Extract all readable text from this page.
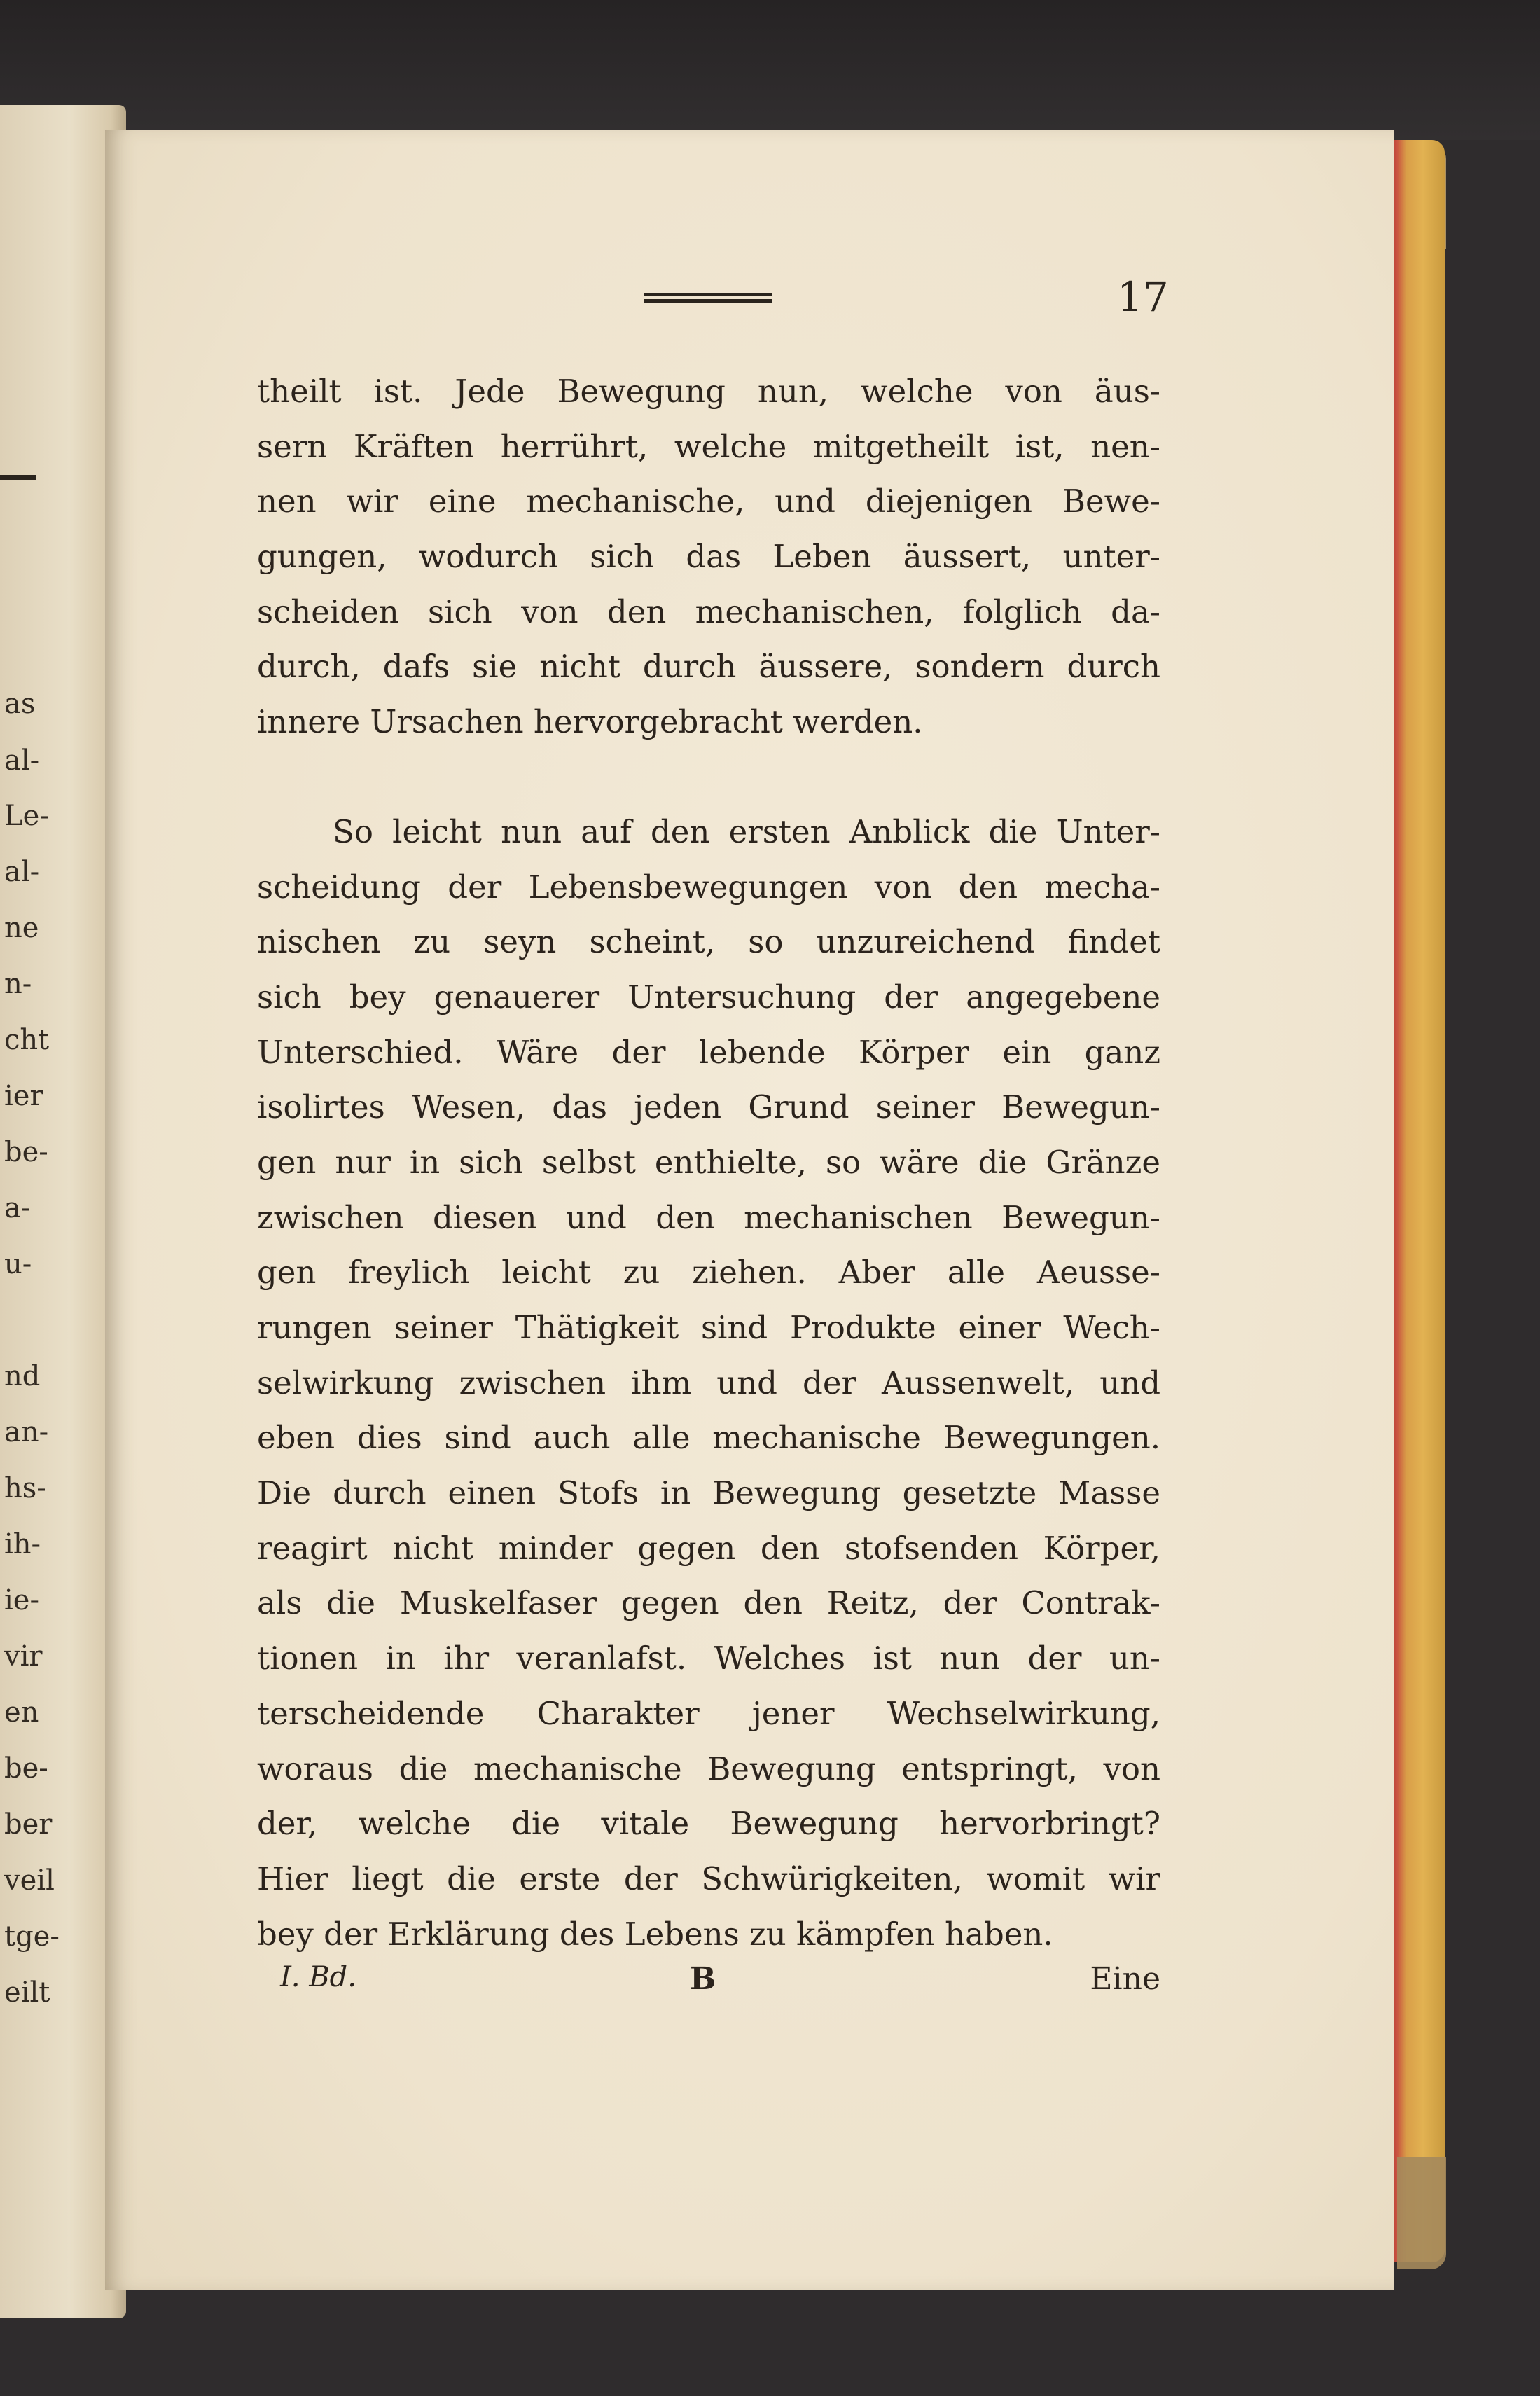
as

al-

Le-

al-

ne

n-

cht

ier

be-

a-

u-

nd

an-

hs-

ih-

ie-

vir

en

be-

ber

veil

tge-

eilt

17

theilt ist. Jede Bewegung nun, welche von äus-

sern Kräften herrührt, welche mitgetheilt ist, nen-

nen wir eine mechanische, und diejenigen Bewe-

gungen, wodurch sich das Leben äussert, unter-

scheiden sich von den mechanischen, folglich da-

durch, dafs sie nicht durch äussere, sondern durch

innere Ursachen hervorgebracht werden.

So leicht nun auf den ersten Anblick die Unter-

scheidung der Lebensbewegungen von den mecha-

nischen zu seyn scheint, so unzureichend findet

sich bey genauerer Untersuchung der angegebene

Unterschied. Wäre der lebende Körper ein ganz

isolirtes Wesen, das jeden Grund seiner Bewegun-

gen nur in sich selbst enthielte, so wäre die Gränze

zwischen diesen und den mechanischen Bewegun-

gen freylich leicht zu ziehen. Aber alle Aeusse-

rungen seiner Thätigkeit sind Produkte einer Wech-

selwirkung zwischen ihm und der Aussenwelt, und

eben dies sind auch alle mechanische Bewegungen.

Die durch einen Stofs in Bewegung gesetzte Masse

reagirt nicht minder gegen den stofsenden Körper,

als die Muskelfaser gegen den Reitz, der Contrak-

tionen in ihr veranlafst. Welches ist nun der un-

terscheidende Charakter jener Wechselwirkung,

woraus die mechanische Bewegung entspringt, von

der, welche die vitale Bewegung hervorbringt?

Hier liegt die erste der Schwürigkeiten, womit wir

bey der Erklärung des Lebens zu kämpfen haben.

I. Bd.	B	Eine
